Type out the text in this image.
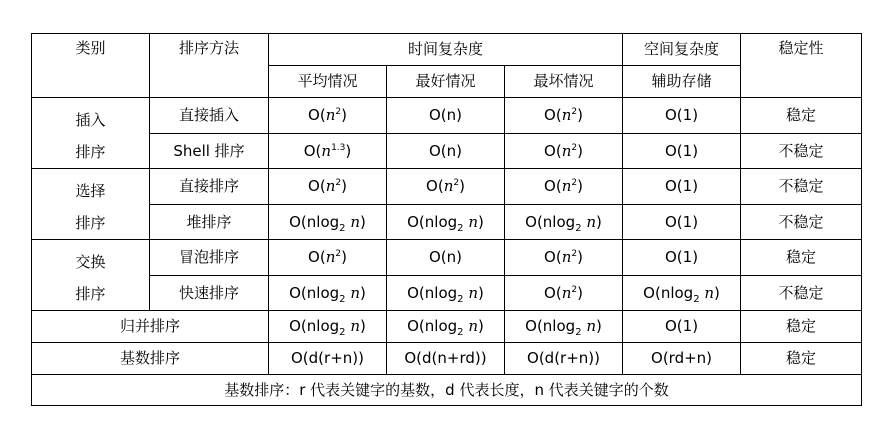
类别	排序方法	时间复杂度			空间复杂度	稳定性
		平均情况	最好情况	最坏情况	辅助存储	

插入
排序	直接插入	$O(n^2)$	O(n)	$O(n^2)$	O(1)	稳定
	Shell 排序	$O(n^{1.3})$	O(n)	$O(n^2)$	O(1)	不稳定

选择
排序	直接排序	$O(n^2)$	$O(n^2)$	$O(n^2)$	O(1)	不稳定
	堆排序	O(nlog$_2$ n)	O(nlog$_2$ n)	O(nlog$_2$ n)	O(1)	不稳定

交换
排序	冒泡排序	$O(n^2)$	O(n)	$O(n^2)$	O(1)	稳定
	快速排序	O(nlog$_2$ n)	O(nlog$_2$ n)	$O(n^2)$	O(nlog$_2$ n)	不稳定
归并排序		O(nlog$_2$ n)	O(nlog$_2$ n)	O(nlog$_2$ n)	O(1)	稳定
基数排序		O(d(r+n))	O(d(n+rd))	O(d(r+n))	O(rd+n)	稳定
基数排序：r 代表关键字的基数，d 代表长度，n 代表关键字的个数						
